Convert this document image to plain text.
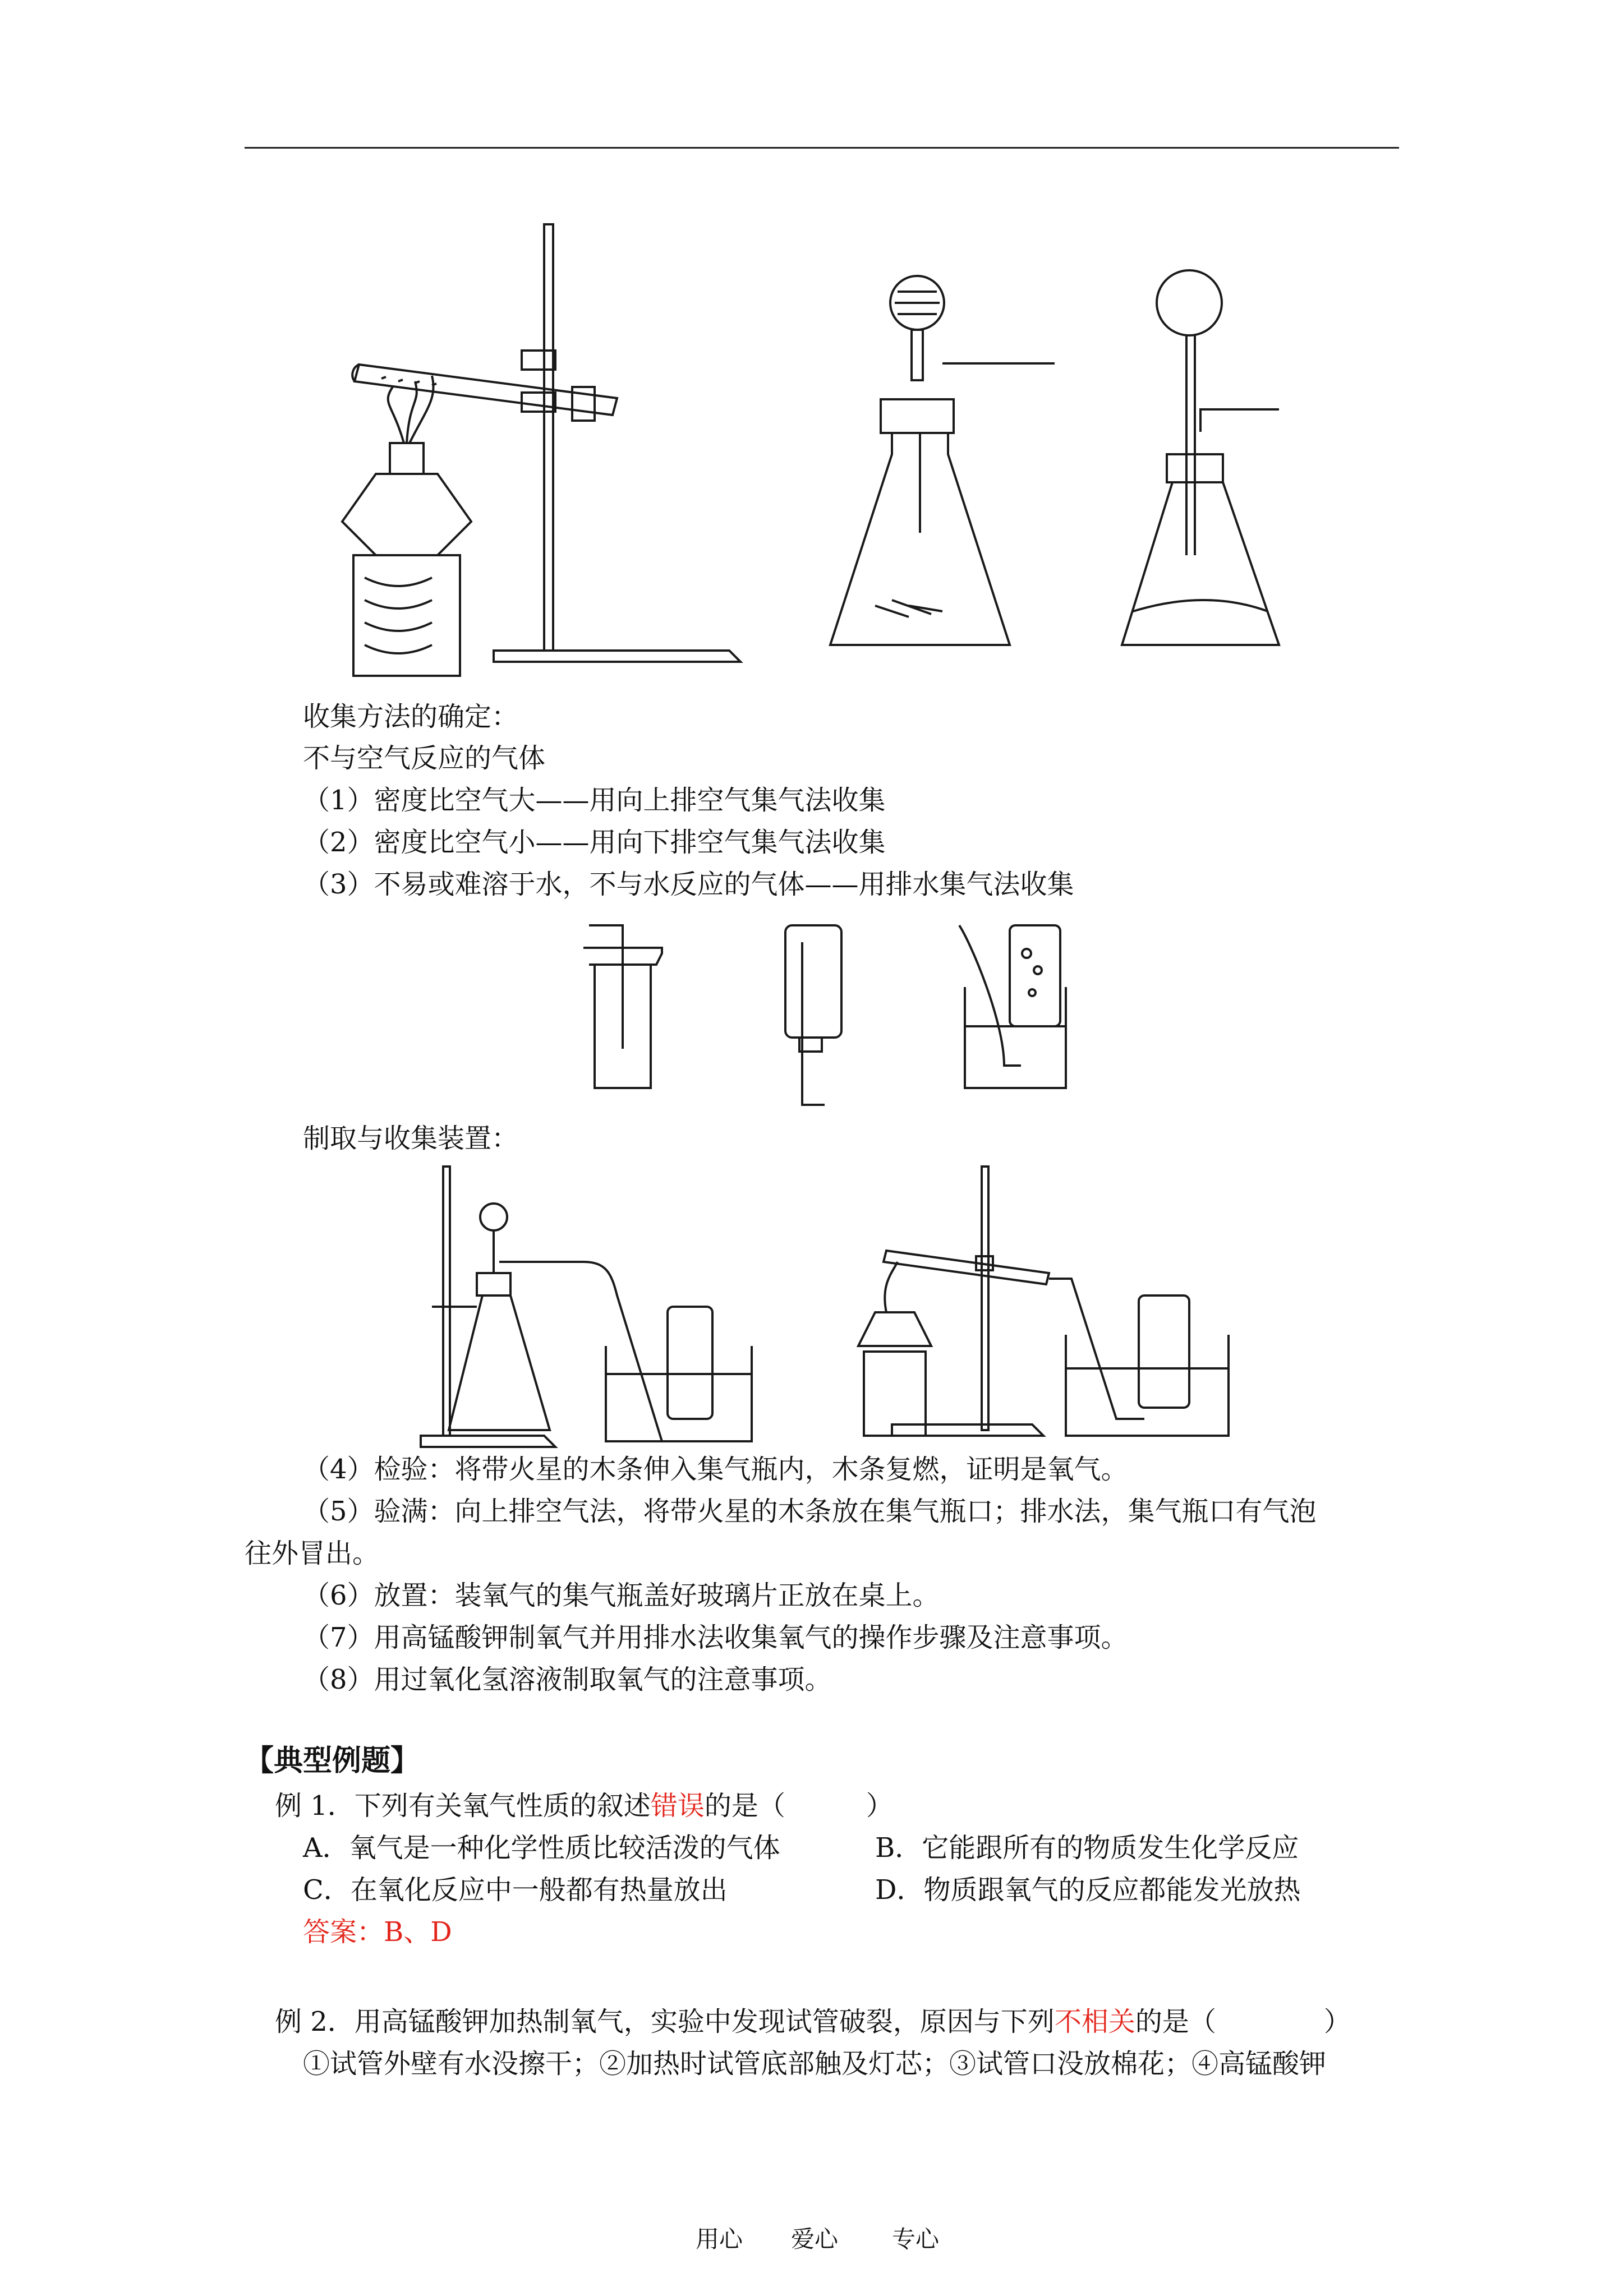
收集方法的确定：
不与空气反应的气体
（1）密度比空气大——用向上排空气集气法收集
（2）密度比空气小——用向下排空气集气法收集
（3）不易或难溶于水，不与水反应的气体——用排水集气法收集
制取与收集装置：
（4）检验：将带火星的木条伸入集气瓶内，木条复燃，证明是氧气。
（5）验满：向上排空气法，将带火星的木条放在集气瓶口；排水法，集气瓶口有气泡
往外冒出。
（6）放置：装氧气的集气瓶盖好玻璃片正放在桌上。
（7）用高锰酸钾制氧气并用排水法收集氧气的操作步骤及注意事项。
（8）用过氧化氢溶液制取氧气的注意事项。
【典型例题】
例 1．下列有关氧气性质的叙述错误的是（　　　）
A．氧气是一种化学性质比较活泼的气体	B．它能跟所有的物质发生化学反应
C．在氧化反应中一般都有热量放出	D．物质跟氧气的反应都能发光放热
答案：B、D
例 2．用高锰酸钾加热制氧气，实验中发现试管破裂，原因与下列不相关的是（　　　　）
①试管外壁有水没擦干；②加热时试管底部触及灯芯；③试管口没放棉花；④高锰酸钾
用心 爱心 专心
